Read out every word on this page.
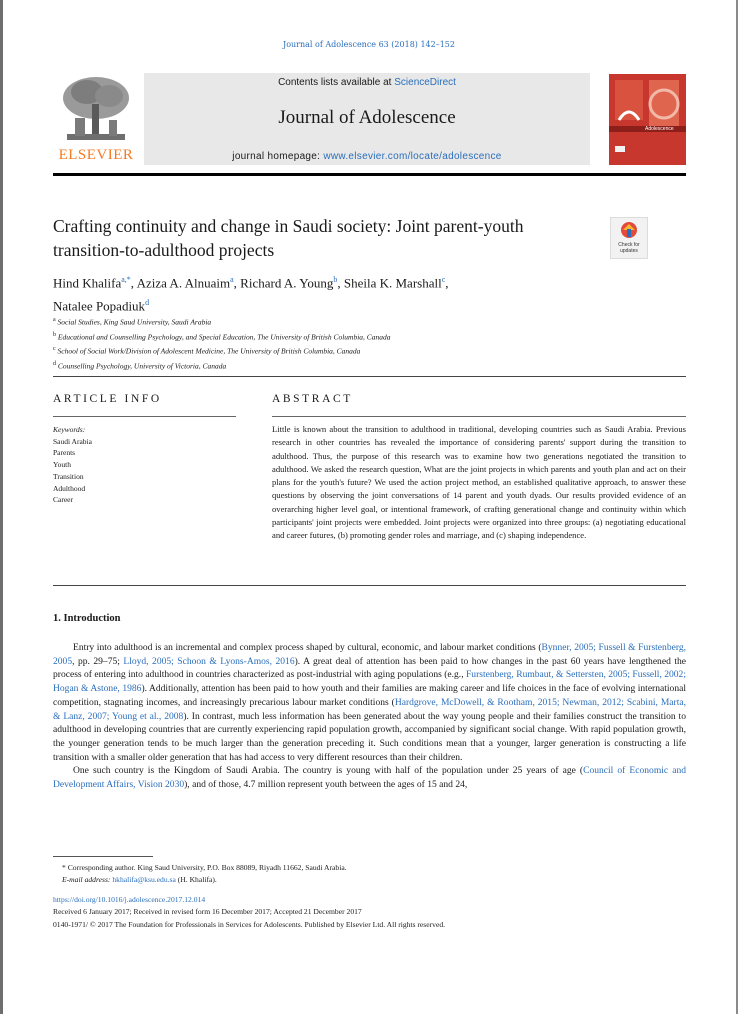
Journal of Adolescence 63 (2018) 142–152
ELSEVIER
Contents lists available at ScienceDirect
Journal of Adolescence
journal homepage: www.elsevier.com/locate/adolescence
Adolescence
Crafting continuity and change in Saudi society: Joint parent-youth
transition-to-adulthood projects	Check for
updates
Hind Khalifa$^{a,*}$, Aziza A. Alnuaim$^a$, Richard A. Young$^b$, Sheila K. Marshall$^c$,
Natalee Popadiuk$^d$
$^a$ Social Studies, King Saud University, Saudi Arabia
$^b$ Educational and Counselling Psychology, and Special Education, The University of British Columbia, Canada
$^c$ School of Social Work/Division of Adolescent Medicine, The University of British Columbia, Canada
$^d$ Counselling Psychology, University of Victoria, Canada
ARTICLE INFO
Keywords:
Saudi Arabia
Parents
Youth
Transition
Adulthood
Career
ABSTRACT
Little is known about the transition to adulthood in traditional, developing countries such as Saudi Arabia. Previous research in other countries has revealed the importance of considering parents' support during the transition to adulthood. Thus, the purpose of this research was to examine how two generations negotiated the transition to adulthood. We asked the research question, What are the joint projects in which parents and youth plan and act on their plans for the youth's future? We used the action project method, an established qualitative approach, to answer these questions by observing the joint conversations of 14 parent and youth dyads. Our results provided evidence of an overarching higher level goal, or intentional framework, of crafting generational change and continuity within which participants' joint projects were embedded. Joint projects were organized into three groups: (a) negotiating educational and career futures, (b) promoting gender roles and marriage, and (c) shaping independence.
1. Introduction

Entry into adulthood is an incremental and complex process shaped by cultural, economic, and labour market conditions (Bynner, 2005; Fussell & Furstenberg, 2005, pp. 29–75; Lloyd, 2005; Schoon & Lyons-Amos, 2016). A great deal of attention has been paid to how changes in the past 60 years have lengthened the process of entering into adulthood in countries characterized as post-industrial with aging populations (e.g., Furstenberg, Rumbaut, & Settersten, 2005; Fussell, 2002; Hogan & Astone, 1986). Additionally, attention has been paid to how youth and their families are making career and life choices in the face of evolving international competition, stagnating incomes, and increasingly precarious labour market conditions (Hardgrove, McDowell, & Rootham, 2015; Newman, 2012; Scabini, Marta, & Lanz, 2007; Young et al., 2008). In contrast, much less information has been generated about the way young people and their families construct the transition to adulthood in developing countries that are currently experiencing rapid population growth, accompanied by significant social change. With rapid population growth, the younger generation tends to be much larger than the generation preceding it. Such conditions mean that a younger, larger generation is constructing a life transition with a smaller older generation that has had access to very different resources than their children.

One such country is the Kingdom of Saudi Arabia. The country is young with half of the population under 25 years of age (Council of Economic and Development Affairs, Vision 2030), and of those, 4.7 million represent youth between the ages of 15 and 24,

* Corresponding author. King Saud University, P.O. Box 88089, Riyadh 11662, Saudi Arabia.
E-mail address: hkhalifa@ksu.edu.sa (H. Khalifa).
https://doi.org/10.1016/j.adolescence.2017.12.014
Received 6 January 2017; Received in revised form 16 December 2017; Accepted 21 December 2017
0140-1971/ © 2017 The Foundation for Professionals in Services for Adolescents. Published by Elsevier Ltd. All rights reserved.
